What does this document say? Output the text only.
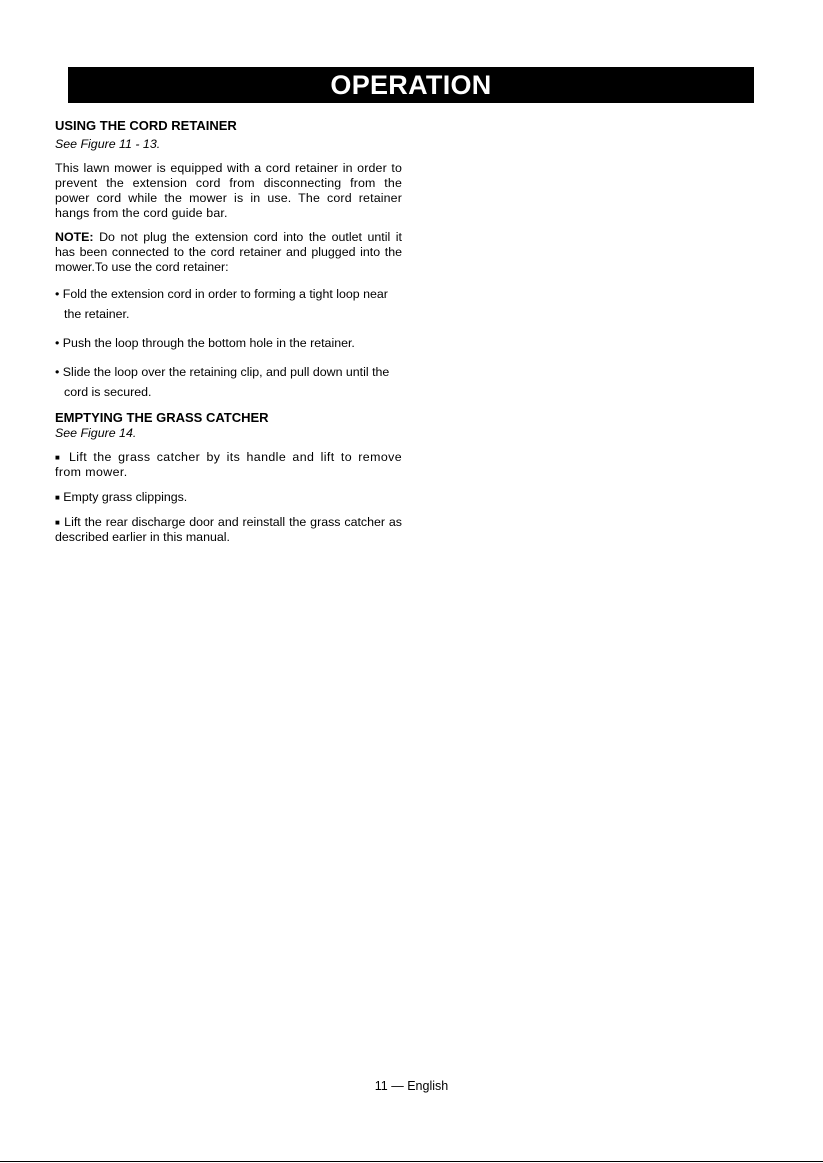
OPERATION

USING THE CORD RETAINER

See Figure 11 - 13.

This lawn mower is equipped with a cord retainer in order to prevent the extension cord from disconnecting from the power cord while the mower is in use. The cord retainer hangs from the cord guide bar.

NOTE: Do not plug the extension cord into the outlet until it has been connected to the cord retainer and plugged into the mower.To use the cord retainer:

• Fold the extension cord in order to forming a tight loop near the retainer.

• Push the loop through the bottom hole in the retainer.

• Slide the loop over the retaining clip, and pull down until the cord is secured.

EMPTYING THE GRASS CATCHER

See Figure 14.

■ Lift the grass catcher by its handle and lift to remove from mower.

■ Empty grass clippings.

■ Lift the rear discharge door and reinstall the grass catcher as described earlier in this manual.

11 — English
